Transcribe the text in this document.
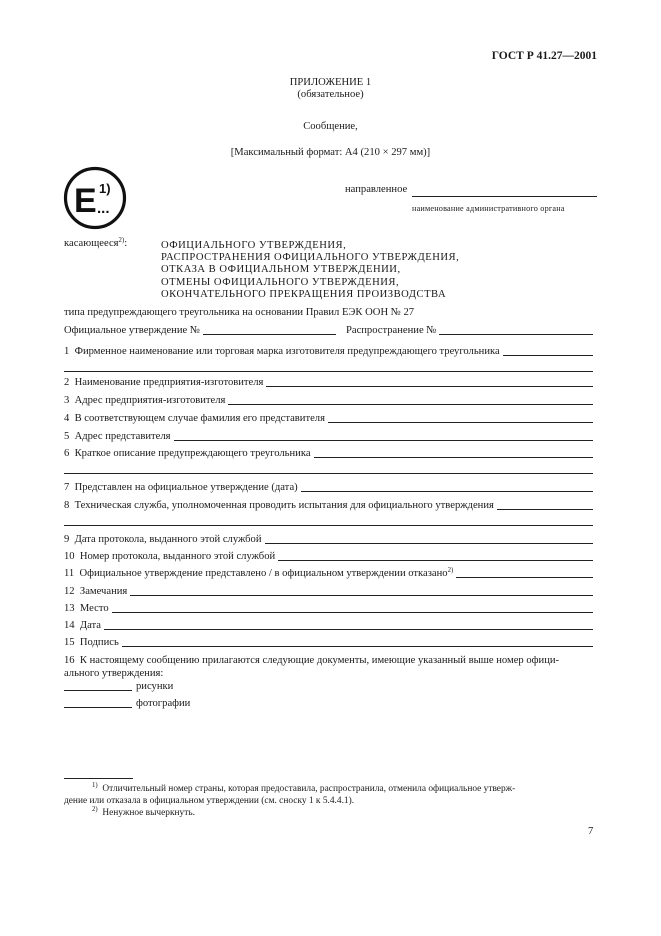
ГОСТ Р 41.27—2001
ПРИЛОЖЕНИЕ 1
(обязательное)
Сообщение,
[Максимальный формат: А4 (210 × 297 мм)]
E 1)
...
направленное
наименование административного органа
касающееся$^{2)}$:	ОФИЦИАЛЬНОГО УТВЕРЖДЕНИЯ,
РАСПРОСТРАНЕНИЯ ОФИЦИАЛЬНОГО УТВЕРЖДЕНИЯ,
ОТКАЗА В ОФИЦИАЛЬНОМ УТВЕРЖДЕНИИ,
ОТМЕНЫ ОФИЦИАЛЬНОГО УТВЕРЖДЕНИЯ,
ОКОНЧАТЕЛЬНОГО ПРЕКРАЩЕНИЯ ПРОИЗВОДСТВА
типа предупреждающего треугольника на основании Правил ЕЭК ООН № 27
Официальное утверждение №	Распространение №
1 Фирменное наименование или торговая марка изготовителя предупреждающего треугольника
2 Наименование предприятия-изготовителя
3 Адрес предприятия-изготовителя
4 В соответствующем случае фамилия его представителя
5 Адрес представителя
6 Краткое описание предупреждающего треугольника
7 Представлен на официальное утверждение (дата)
8 Техническая служба, уполномоченная проводить испытания для официального утверждения
9 Дата протокола, выданного этой службой
10 Номер протокола, выданного этой службой
11 Официальное утверждение представлено / в официальном утверждении отказано$^{2)}$
12 Замечания
13 Место
14 Дата
15 Подпись
16 К настоящему сообщению прилагаются следующие документы, имеющие указанный выше номер офици-
ального утверждения:
рисунки
фотографии
$^{1)}$ Отличительный номер страны, которая предоставила, распространила, отменила официальное утверж-
дение или отказала в официальном утверждении (см. сноску 1 к 5.4.4.1).
$^{2)}$ Ненужное вычеркнуть.
7
